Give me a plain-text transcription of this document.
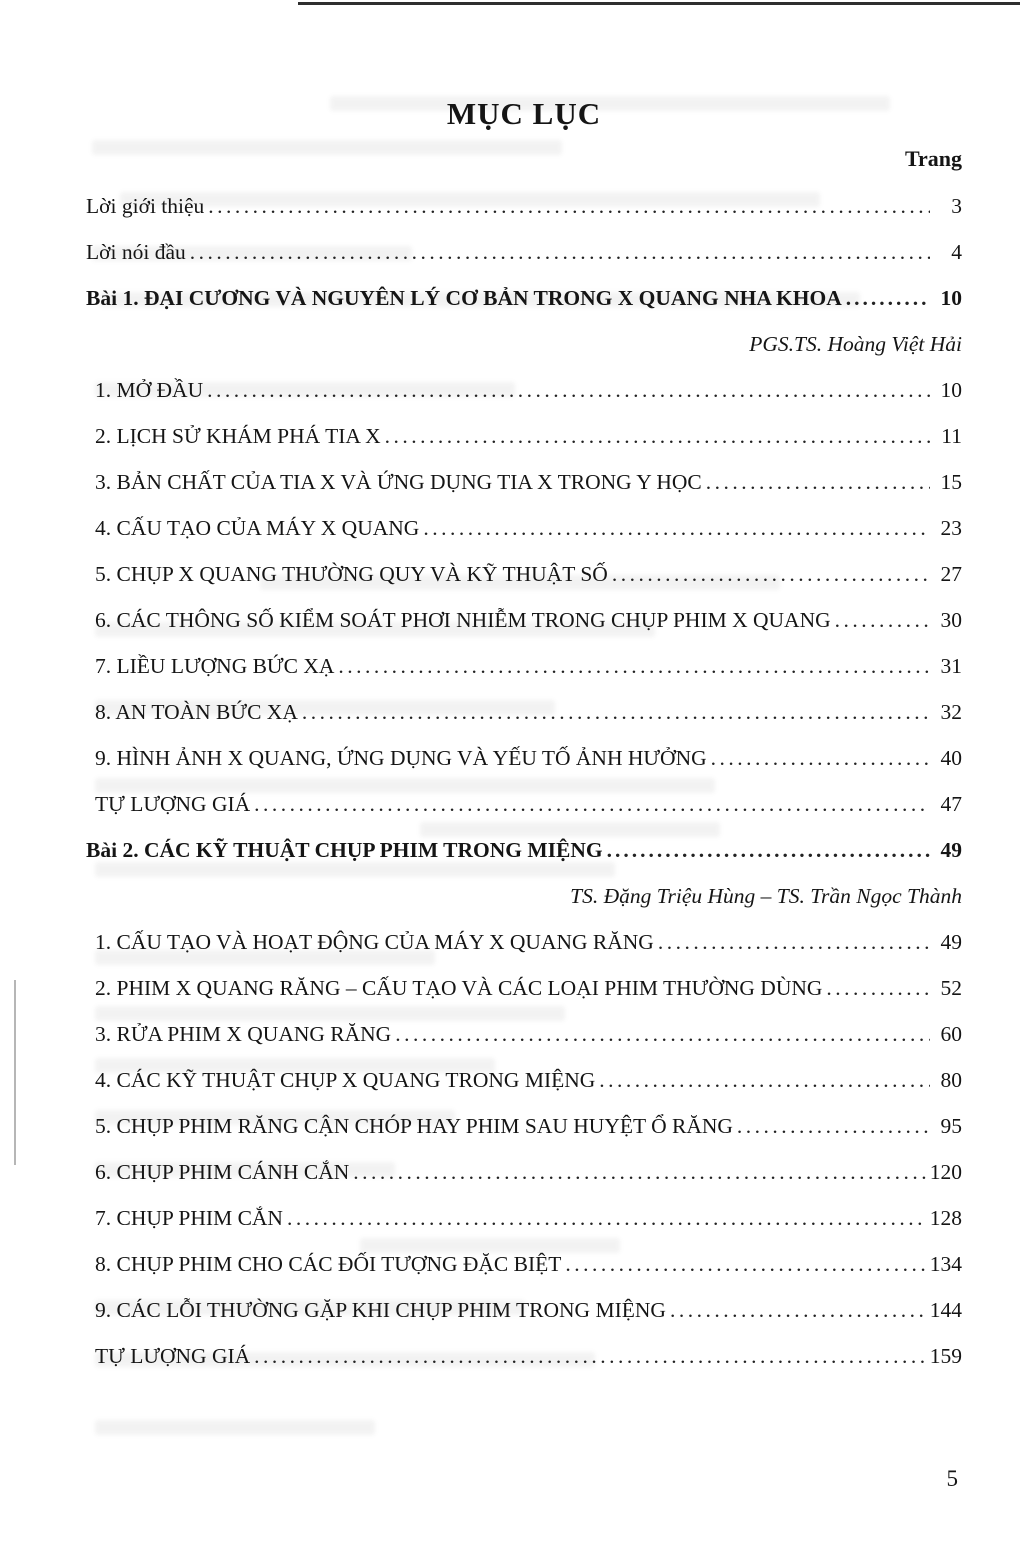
MỤC LỤC
Trang
Lời giới thiệu .....	3
Lời nói đầu .....	4
Bài 1. ĐẠI CƯƠNG VÀ NGUYÊN LÝ CƠ BẢN TRONG X QUANG NHA KHOA .....	10
PGS.TS. Hoàng Việt Hải
1. MỞ ĐẦU .....	10
2. LỊCH SỬ KHÁM PHÁ TIA X .....	11
3. BẢN CHẤT CỦA TIA X VÀ ỨNG DỤNG TIA X TRONG Y HỌC .....	15
4. CẤU TẠO CỦA MÁY X QUANG .....	23
5. CHỤP X QUANG THƯỜNG QUY VÀ KỸ THUẬT SỐ .....	27
6. CÁC THÔNG SỐ KIỂM SOÁT PHƠI NHIỄM TRONG CHỤP PHIM X QUANG .....	30
7. LIỀU LƯỢNG BỨC XẠ .....	31
8. AN TOÀN BỨC XẠ .....	32
9. HÌNH ẢNH X QUANG, ỨNG DỤNG VÀ YẾU TỐ ẢNH HƯỞNG .....	40
TỰ LƯỢNG GIÁ .....	47
Bài 2. CÁC KỸ THUẬT CHỤP PHIM TRONG MIỆNG .....	49
TS. Đặng Triệu Hùng – TS. Trần Ngọc Thành
1. CẤU TẠO VÀ HOẠT ĐỘNG CỦA MÁY X QUANG RĂNG .....	49
2. PHIM X QUANG RĂNG – CẤU TẠO VÀ CÁC LOẠI PHIM THƯỜNG DÙNG .....	52
3. RỬA PHIM X QUANG RĂNG .....	60
4. CÁC KỸ THUẬT CHỤP X QUANG TRONG MIỆNG .....	80
5. CHỤP PHIM RĂNG CẬN CHÓP HAY PHIM SAU HUYỆT Ổ RĂNG .....	95
6. CHỤP PHIM CÁNH CẮN .....	120
7. CHỤP PHIM CẮN .....	128
8. CHỤP PHIM CHO CÁC ĐỐI TƯỢNG ĐẶC BIỆT .....	134
9. CÁC LỖI THƯỜNG GẶP KHI CHỤP PHIM TRONG MIỆNG .....	144
TỰ LƯỢNG GIÁ .....	159
5
